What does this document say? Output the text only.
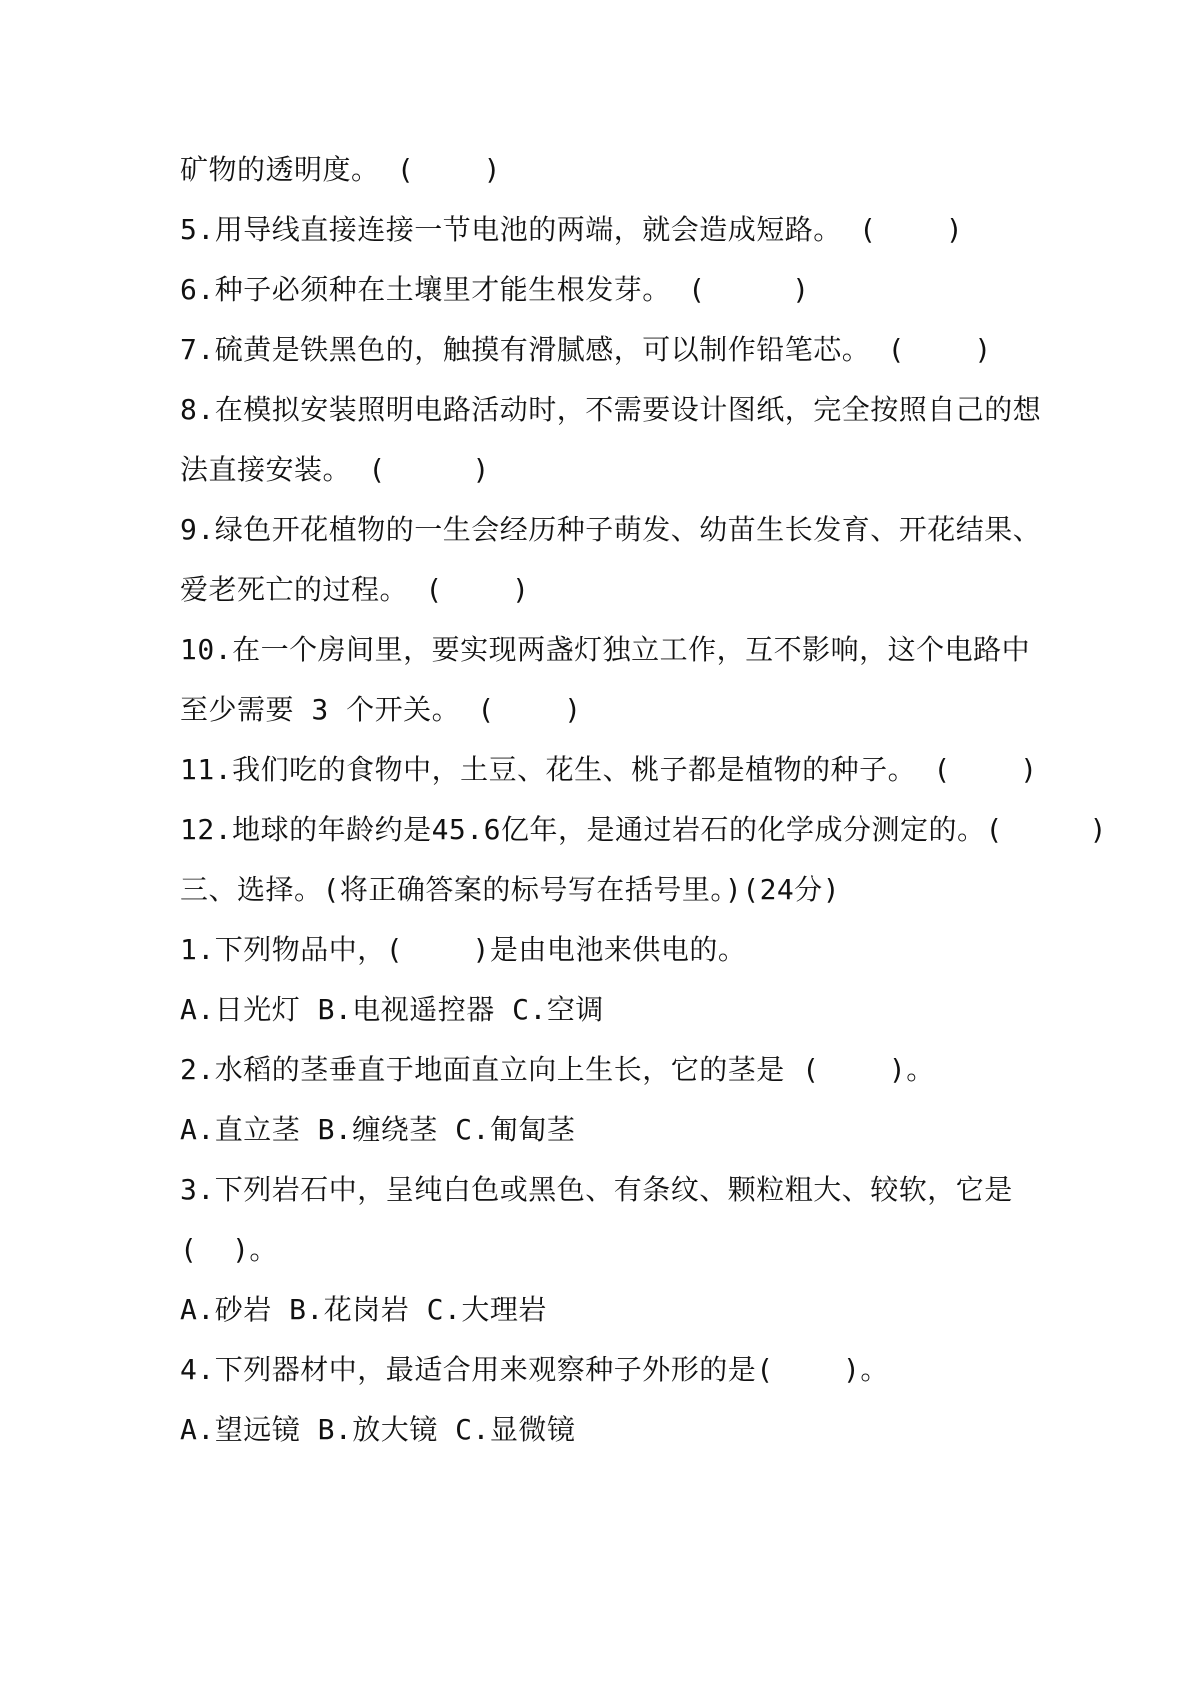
矿物的透明度。 (    )
5.用导线直接连接一节电池的两端，就会造成短路。 (    )
6.种子必须种在土壤里才能生根发芽。 (     )
7.硫黄是铁黑色的，触摸有滑腻感，可以制作铅笔芯。 (    )
8.在模拟安装照明电路活动时，不需要设计图纸，完全按照自己的想
法直接安装。 (     )
9.绿色开花植物的一生会经历种子萌发、幼苗生长发育、开花结果、
爱老死亡的过程。 (    )
10.在一个房间里，要实现两盏灯独立工作，互不影响，这个电路中
至少需要 3 个开关。 (    )
11.我们吃的食物中，土豆、花生、桃子都是植物的种子。 (    )
12.地球的年龄约是45.6亿年，是通过岩石的化学成分测定的。(     )
三、选择。(将正确答案的标号写在括号里。)(24分)
1.下列物品中，(    )是由电池来供电的。
A.日光灯 B.电视遥控器 C.空调
2.水稻的茎垂直于地面直立向上生长，它的茎是 (    )。
A.直立茎 B.缠绕茎 C.匍匐茎
3.下列岩石中，呈纯白色或黑色、有条纹、颗粒粗大、较软，它是
(  )。
A.砂岩 B.花岗岩 C.大理岩
4.下列器材中，最适合用来观察种子外形的是(    )。
A.望远镜 B.放大镜 C.显微镜
